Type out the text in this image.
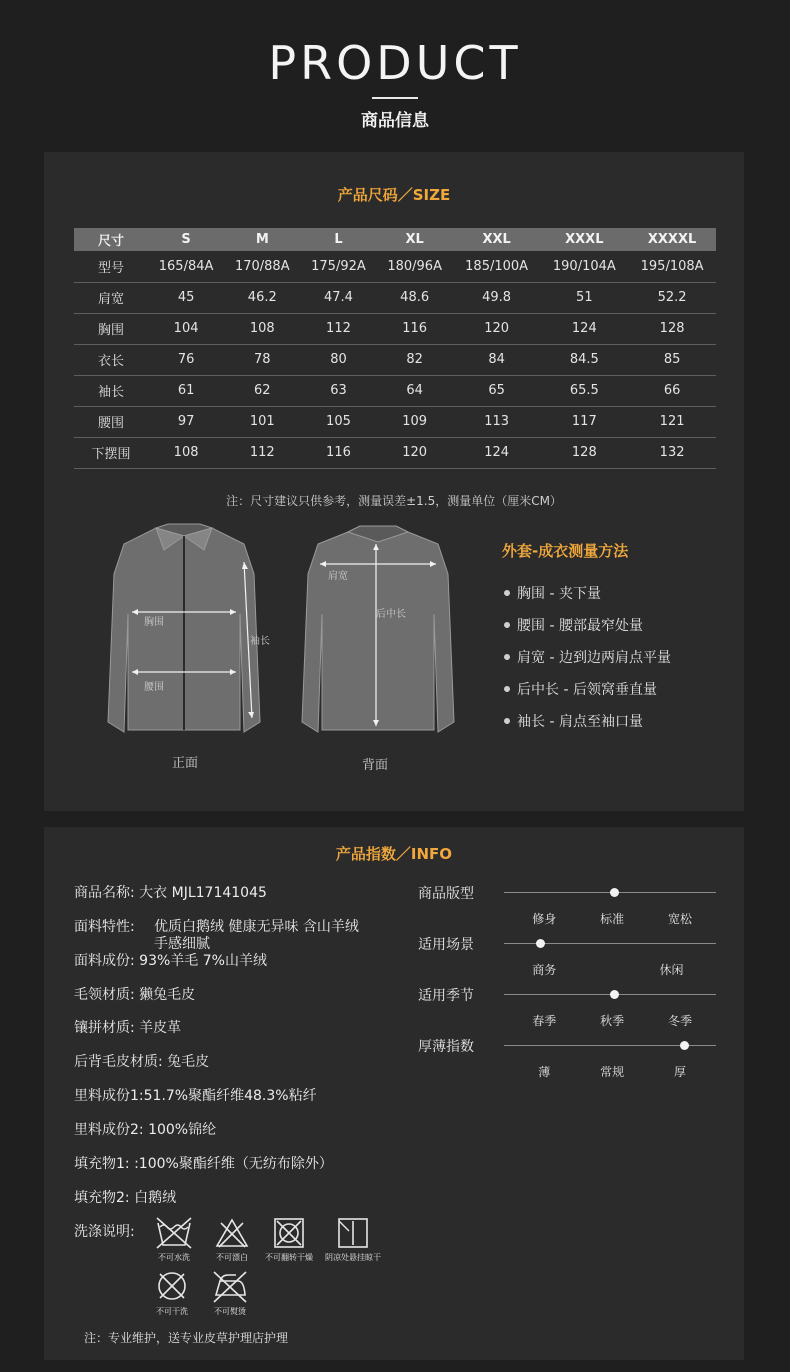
PRODUCT
商品信息
产品尺码／SIZE
尺寸	S	M	L	XL	XXL	XXXL	XXXXL
型号	165/84A	170/88A	175/92A	180/96A	185/100A	190/104A	195/108A
肩宽	45	46.2	47.4	48.6	49.8	51	52.2
胸围	104	108	112	116	120	124	128
衣长	76	78	80	82	84	84.5	85
袖长	61	62	63	64	65	65.5	66
腰围	97	101	105	109	113	117	121
下摆围	108	112	116	120	124	128	132
注：尺寸建议只供参考，测量误差±1.5，测量单位（厘米CM）
胸围
腰围
袖长
正面
肩宽
后中长
背面
外套-成衣测量方法
胸围 - 夹下量
腰围 - 腰部最窄处量
肩宽 - 边到边两肩点平量
后中长 - 后领窝垂直量
袖长 - 肩点至袖口量
产品指数／INFO
商品名称: 大衣 MJL17141045
面料特性: 优质白鹅绒 健康无异味 含山羊绒
手感细腻
面料成份: 93%羊毛 7%山羊绒
毛领材质: 獭兔毛皮
镶拼材质: 羊皮革
后背毛皮材质: 兔毛皮
里料成份1:51.7%聚酯纤维48.3%粘纤
里料成份2: 100%锦纶
填充物1: :100%聚酯纤维（无纺布除外）
填充物2: 白鹅绒
洗涤说明:
商品版型
修身	标准	宽松
适用场景
商务	休闲
适用季节
春季	秋季	冬季
厚薄指数
薄	常规	厚
不可水洗	不可漂白	不可翻转干燥	阴凉处悬挂晾干
不可干洗	不可熨烫
注：专业维护，送专业皮草护理店护理
